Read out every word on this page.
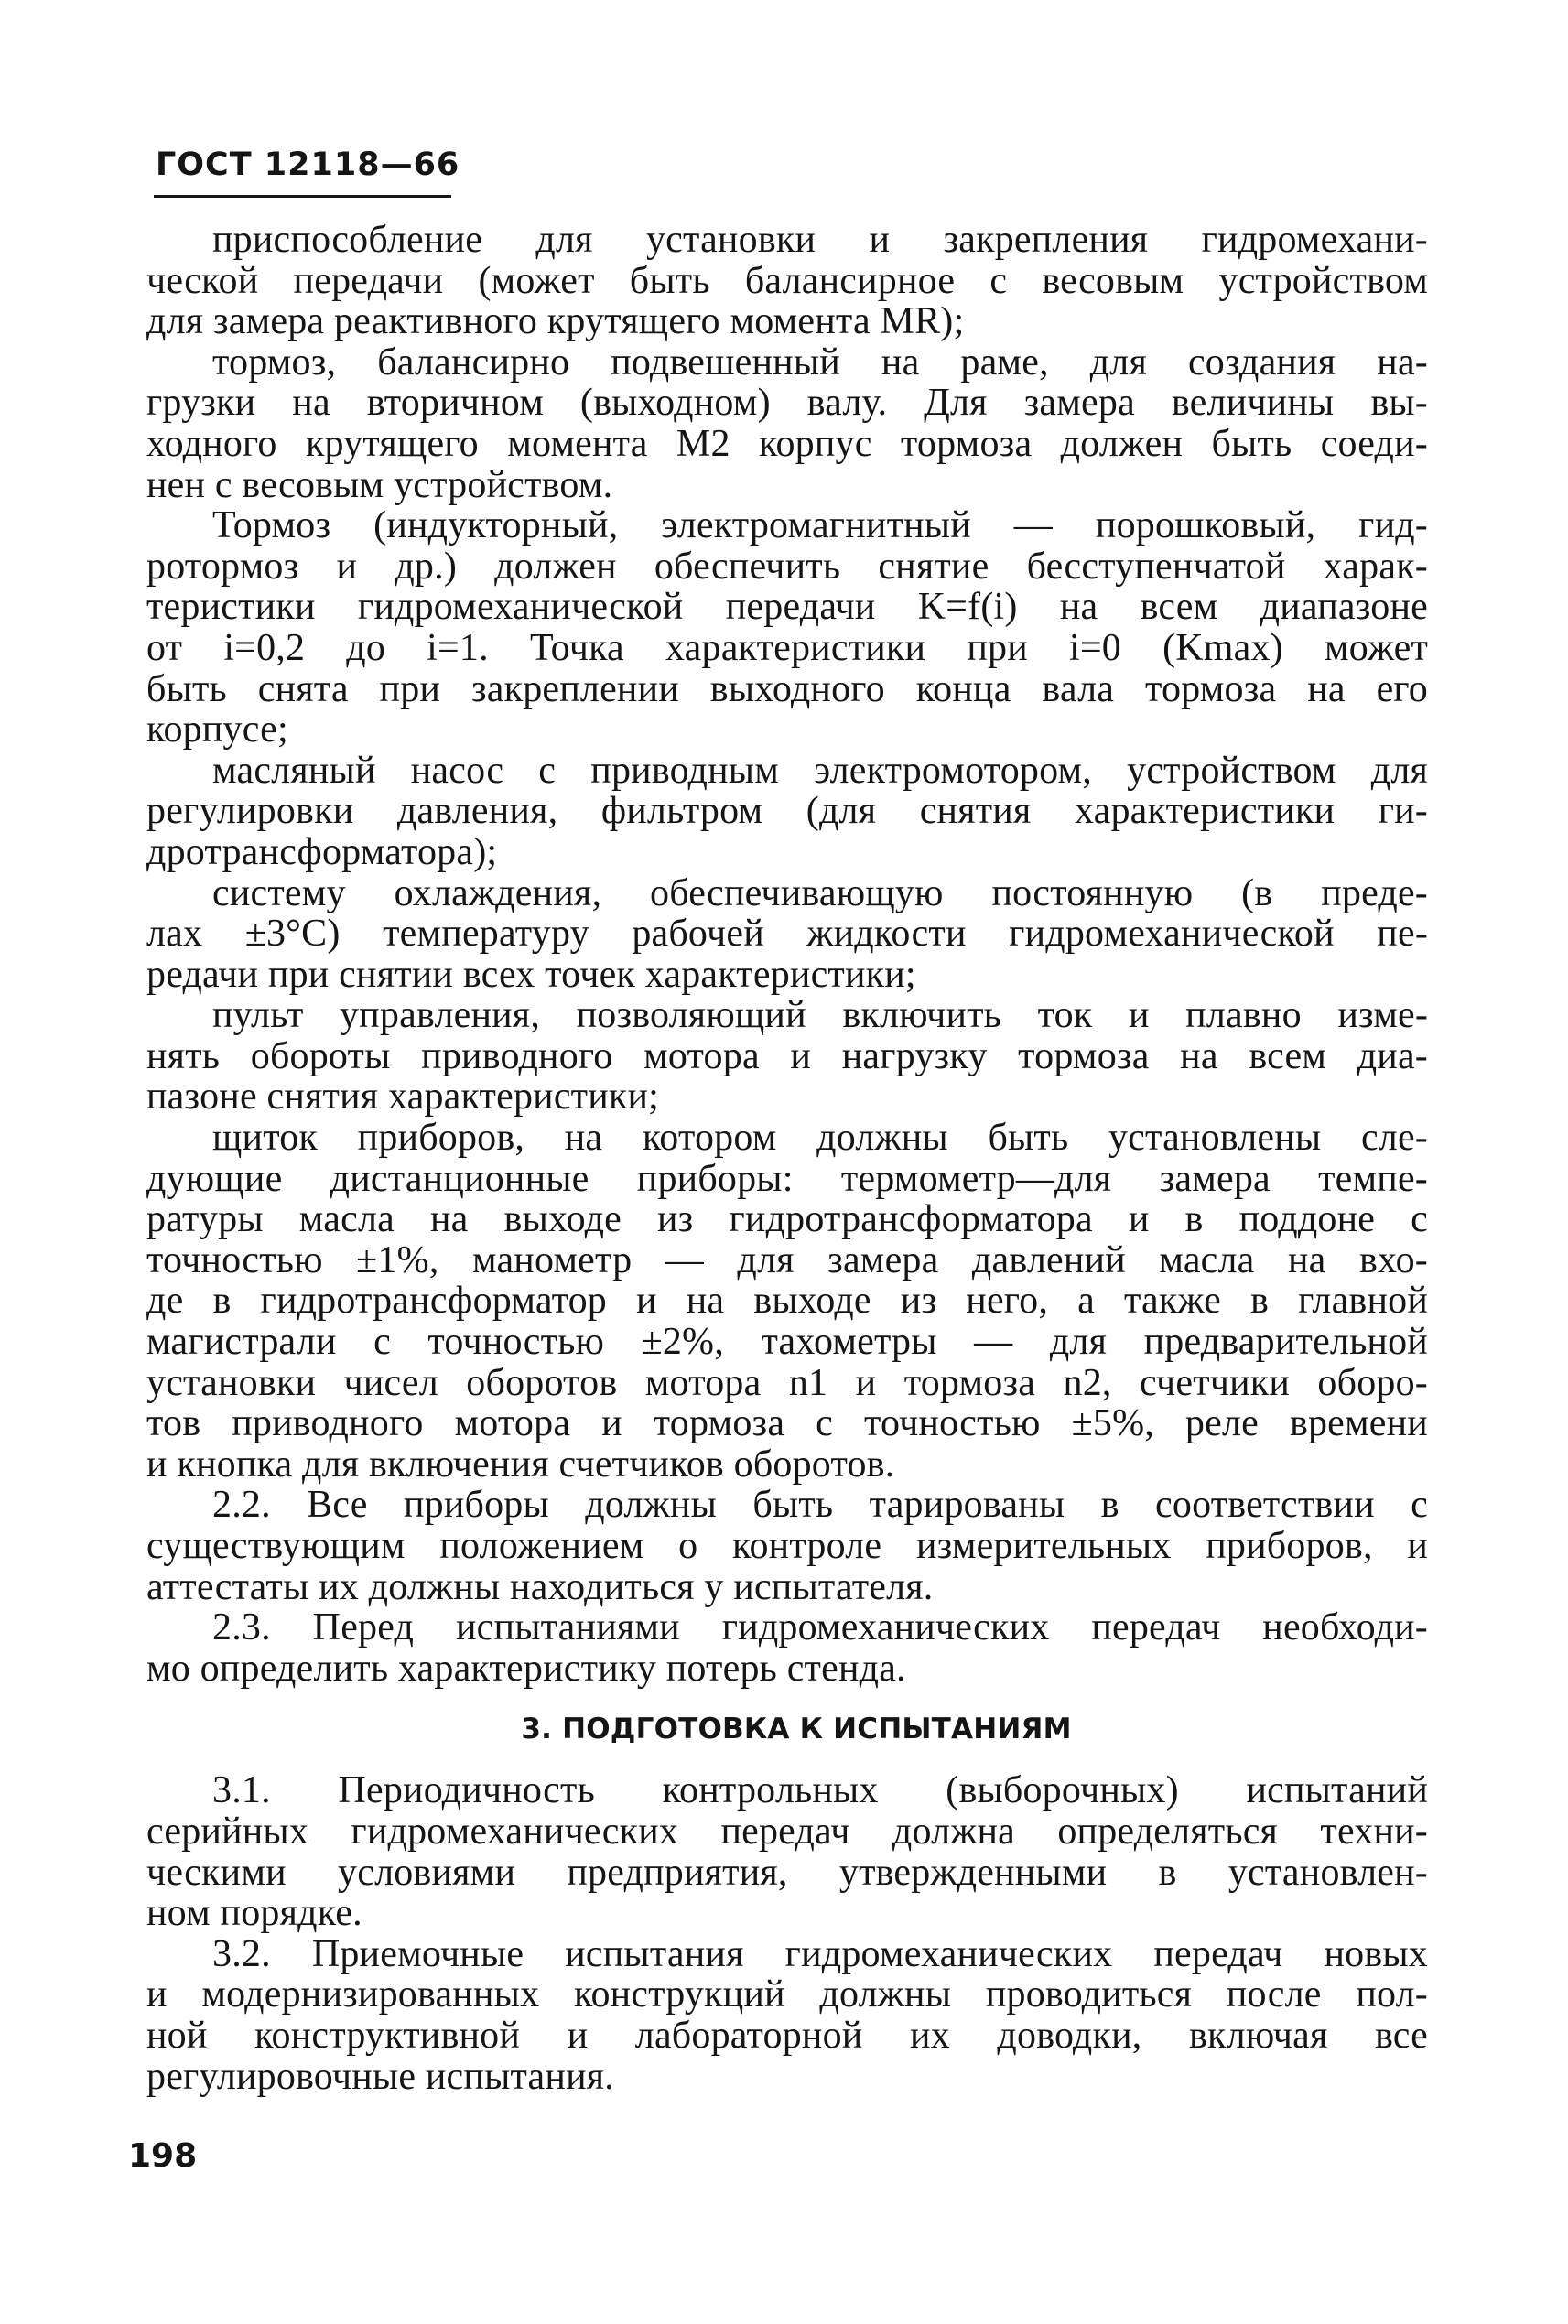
ГОСТ 12118—66
приспособление для установки и закрепления гидромехани-
ческой передачи (может быть балансирное с весовым устройством
для замера реактивного крутящего момента MR);
тормоз, балансирно подвешенный на раме, для создания на-
грузки на вторичном (выходном) валу. Для замера величины вы-
ходного крутящего момента M2 корпус тормоза должен быть соеди-
нен с весовым устройством.
Тормоз (индукторный, электромагнитный — порошковый, гид-
ротормоз и др.) должен обеспечить снятие бесступенчатой харак-
теристики гидромеханической передачи K=f(i) на всем диапазоне
от i=0,2 до i=1. Точка характеристики при i=0 (Kmax) может
быть снята при закреплении выходного конца вала тормоза на его
корпусе;
масляный насос с приводным электромотором, устройством для
регулировки давления, фильтром (для снятия характеристики ги-
дротрансформатора);
систему охлаждения, обеспечивающую постоянную (в преде-
лах ±3°С) температуру рабочей жидкости гидромеханической пе-
редачи при снятии всех точек характеристики;
пульт управления, позволяющий включить ток и плавно изме-
нять обороты приводного мотора и нагрузку тормоза на всем диа-
пазоне снятия характеристики;
щиток приборов, на котором должны быть установлены сле-
дующие дистанционные приборы: термометр—для замера темпе-
ратуры масла на выходе из гидротрансформатора и в поддоне с
точностью ±1%, манометр — для замера давлений масла на вхо-
де в гидротрансформатор и на выходе из него, а также в главной
магистрали с точностью ±2%, тахометры — для предварительной
установки чисел оборотов мотора n1 и тормоза n2, счетчики оборо-
тов приводного мотора и тормоза с точностью ±5%, реле времени
и кнопка для включения счетчиков оборотов.
2.2. Все приборы должны быть тарированы в соответствии с
существующим положением о контроле измерительных приборов, и
аттестаты их должны находиться у испытателя.
2.3. Перед испытаниями гидромеханических передач необходи-
мо определить характеристику потерь стенда.
3. ПОДГОТОВКА К ИСПЫТАНИЯМ
3.1. Периодичность контрольных (выборочных) испытаний
серийных гидромеханических передач должна определяться техни-
ческими условиями предприятия, утвержденными в установлен-
ном порядке.
3.2. Приемочные испытания гидромеханических передач новых
и модернизированных конструкций должны проводиться после пол-
ной конструктивной и лабораторной их доводки, включая все
регулировочные испытания.
198
